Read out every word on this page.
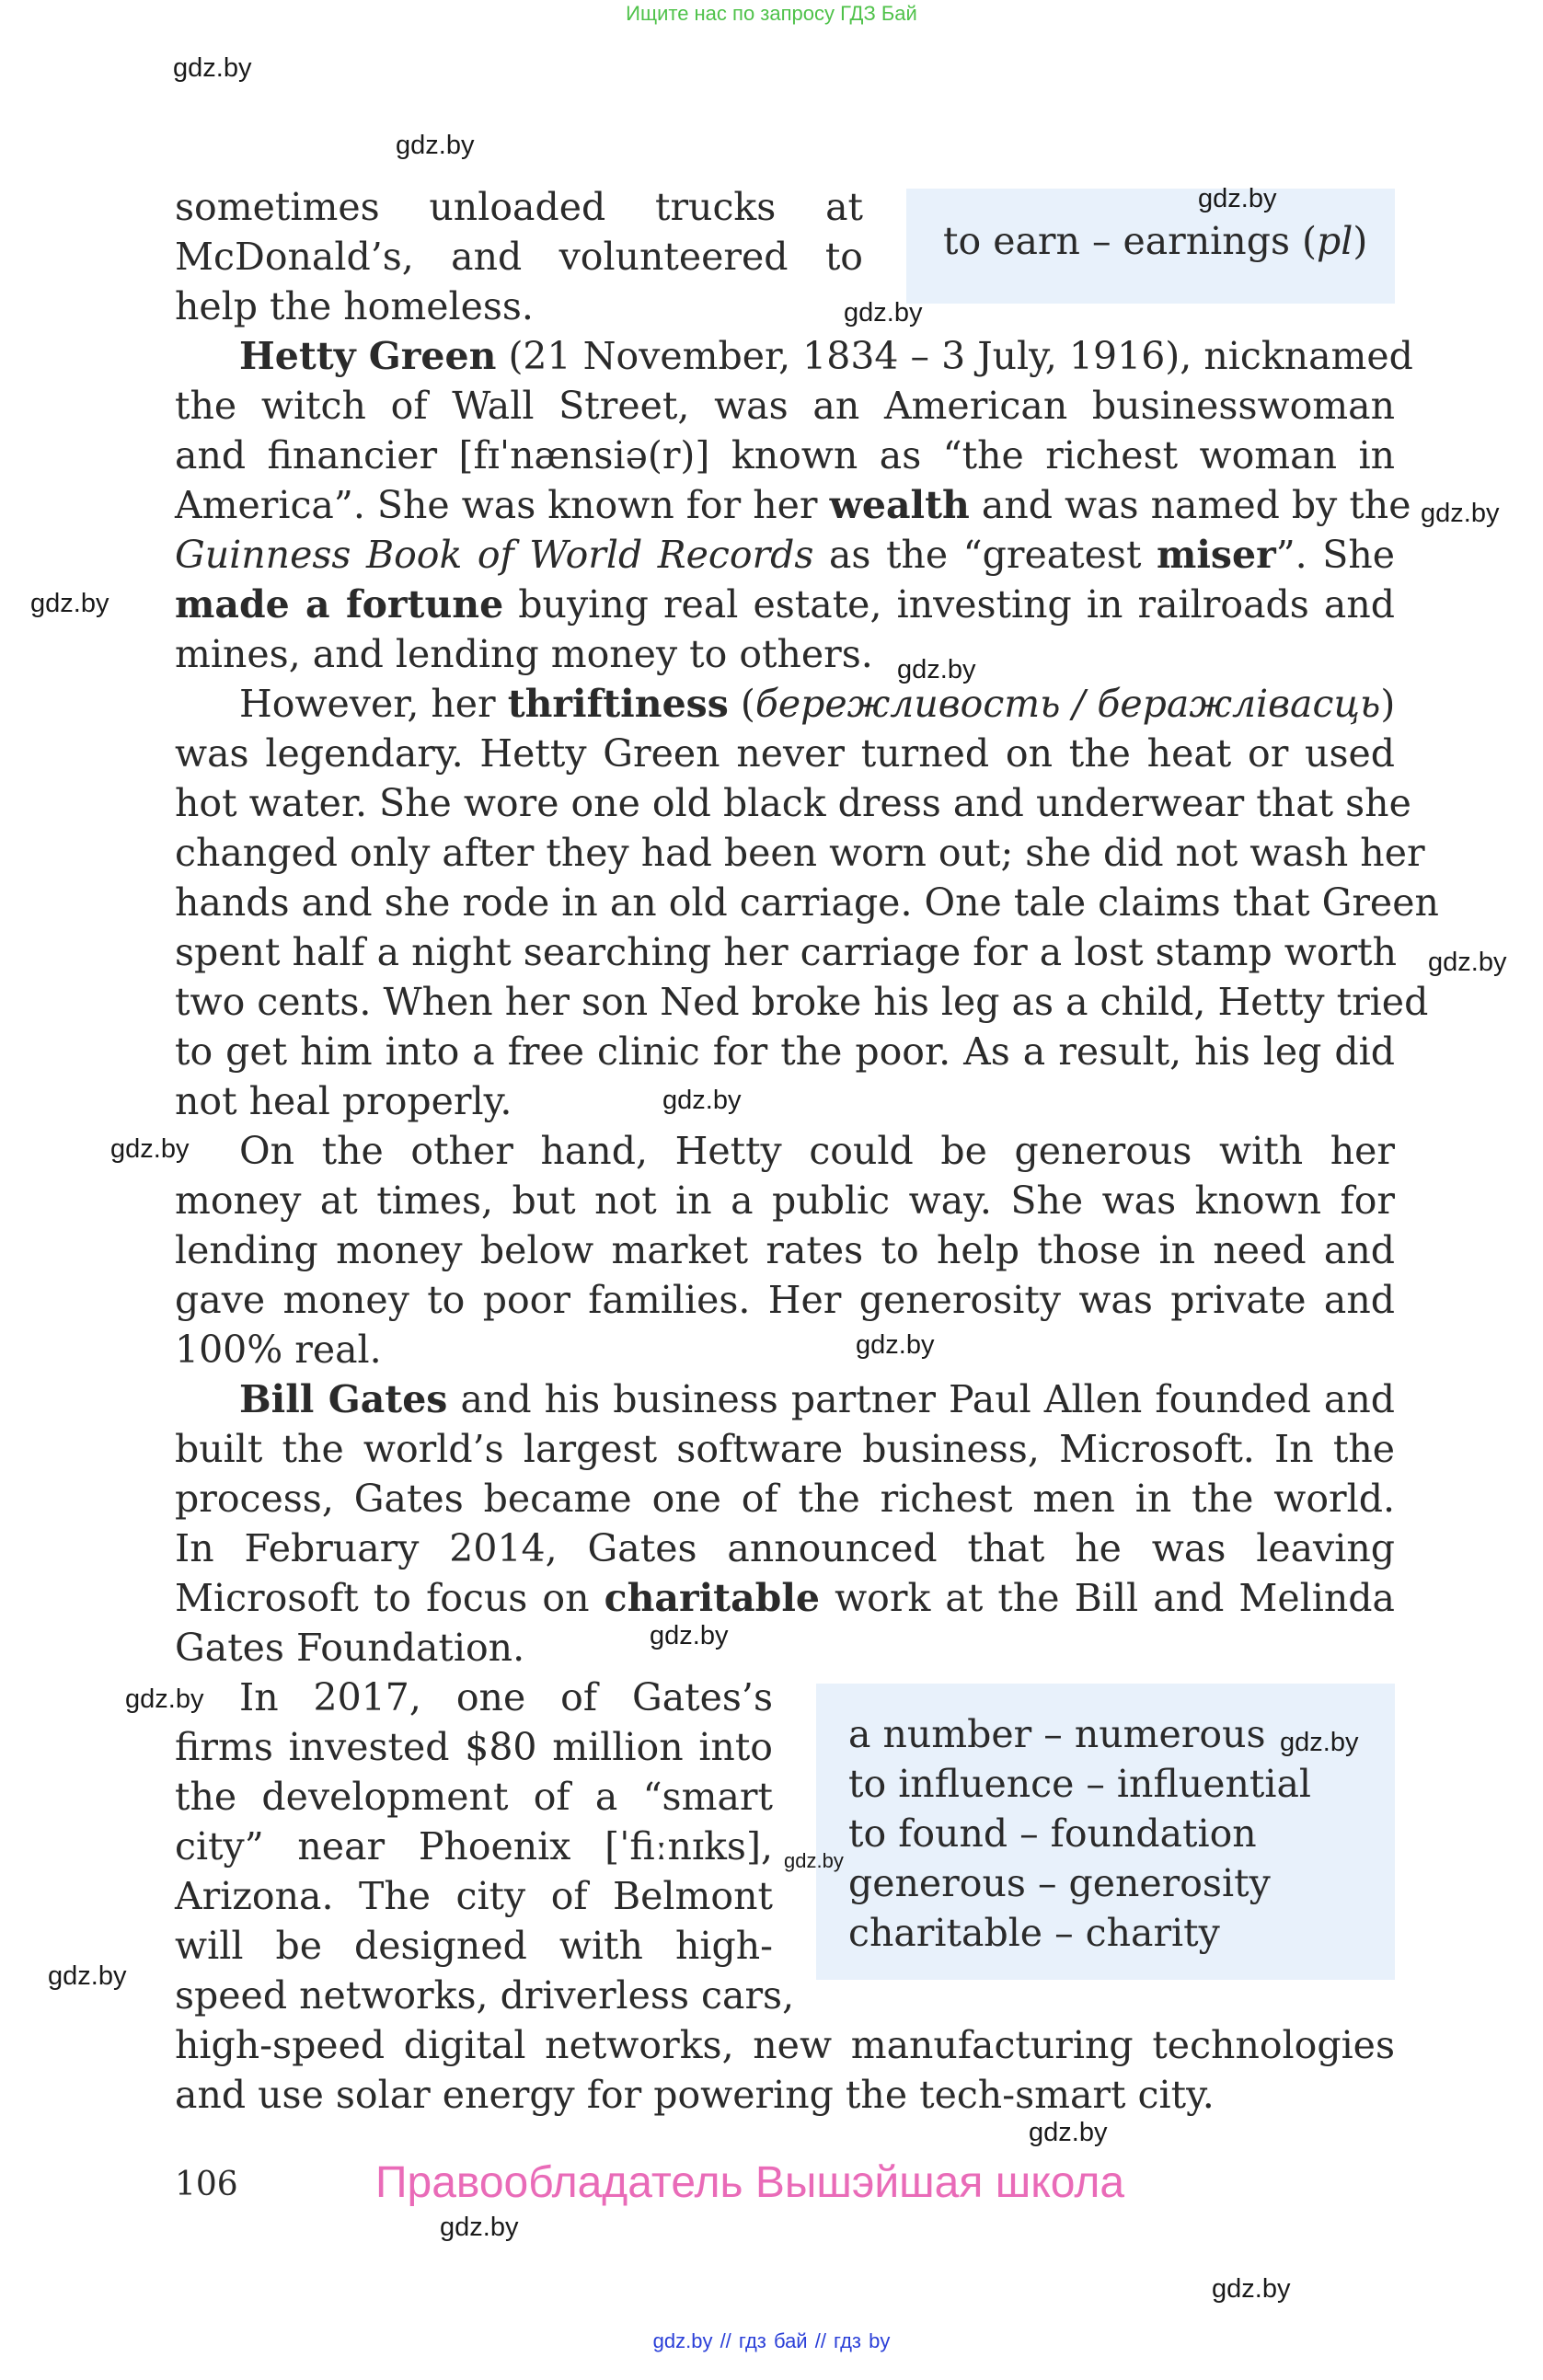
Ищите нас по запросу ГДЗ Бай
to earn – earnings (pl)
sometimes unloaded trucks at
McDonald’s, and volunteered to
help the homeless.
Hetty Green (21 November, 1834 – 3 July, 1916), nicknamed
the witch of Wall Street, was an American businesswoman
and financier [fɪˈnænsiə(r)] known as “the richest woman in
America”. She was known for her wealth and was named by the
Guinness Book of World Records as the “greatest miser”. She
made a fortune buying real estate, investing in railroads and
mines, and lending money to others.
However, her thriftiness (бережливость / беражлівасць)
was legendary. Hetty Green never turned on the heat or used
hot water. She wore one old black dress and underwear that she
changed only after they had been worn out; she did not wash her
hands and she rode in an old carriage. One tale claims that Green
spent half a night searching her carriage for a lost stamp worth
two cents. When her son Ned broke his leg as a child, Hetty tried
to get him into a free clinic for the poor. As a result, his leg did
not heal properly.
On the other hand, Hetty could be generous with her
money at times, but not in a public way. She was known for
lending money below market rates to help those in need and
gave money to poor families. Her generosity was private and
100% real.
Bill Gates and his business partner Paul Allen founded and
built the world’s largest software business, Microsoft. In the
process, Gates became one of the richest men in the world.
In February 2014, Gates announced that he was leaving
Microsoft to focus on charitable work at the Bill and Melinda
Gates Foundation.
In 2017, one of Gates’s
firms invested $80 million into
the development of a “smart
city” near Phoenix [ˈfiːnɪks],
Arizona. The city of Belmont
will be designed with high-
speed networks, driverless cars,
high-speed digital networks, new manufacturing technologies
and use solar energy for powering the tech-smart city.
a number – numerous
to influence – influential
to found – foundation
generous – generosity
charitable – charity
106	Правообладатель Вышэйшая школа
gdz.by
gdz.by
gdz.by
gdz.by
gdz.by
gdz.by
gdz.by
gdz.by
gdz.by
gdz.by
gdz.by
gdz.by
gdz.by
gdz.by
gdz.by
gdz.by
gdz.by
gdz.by
gdz.by
gdz.by // гдз бай // гдз by
